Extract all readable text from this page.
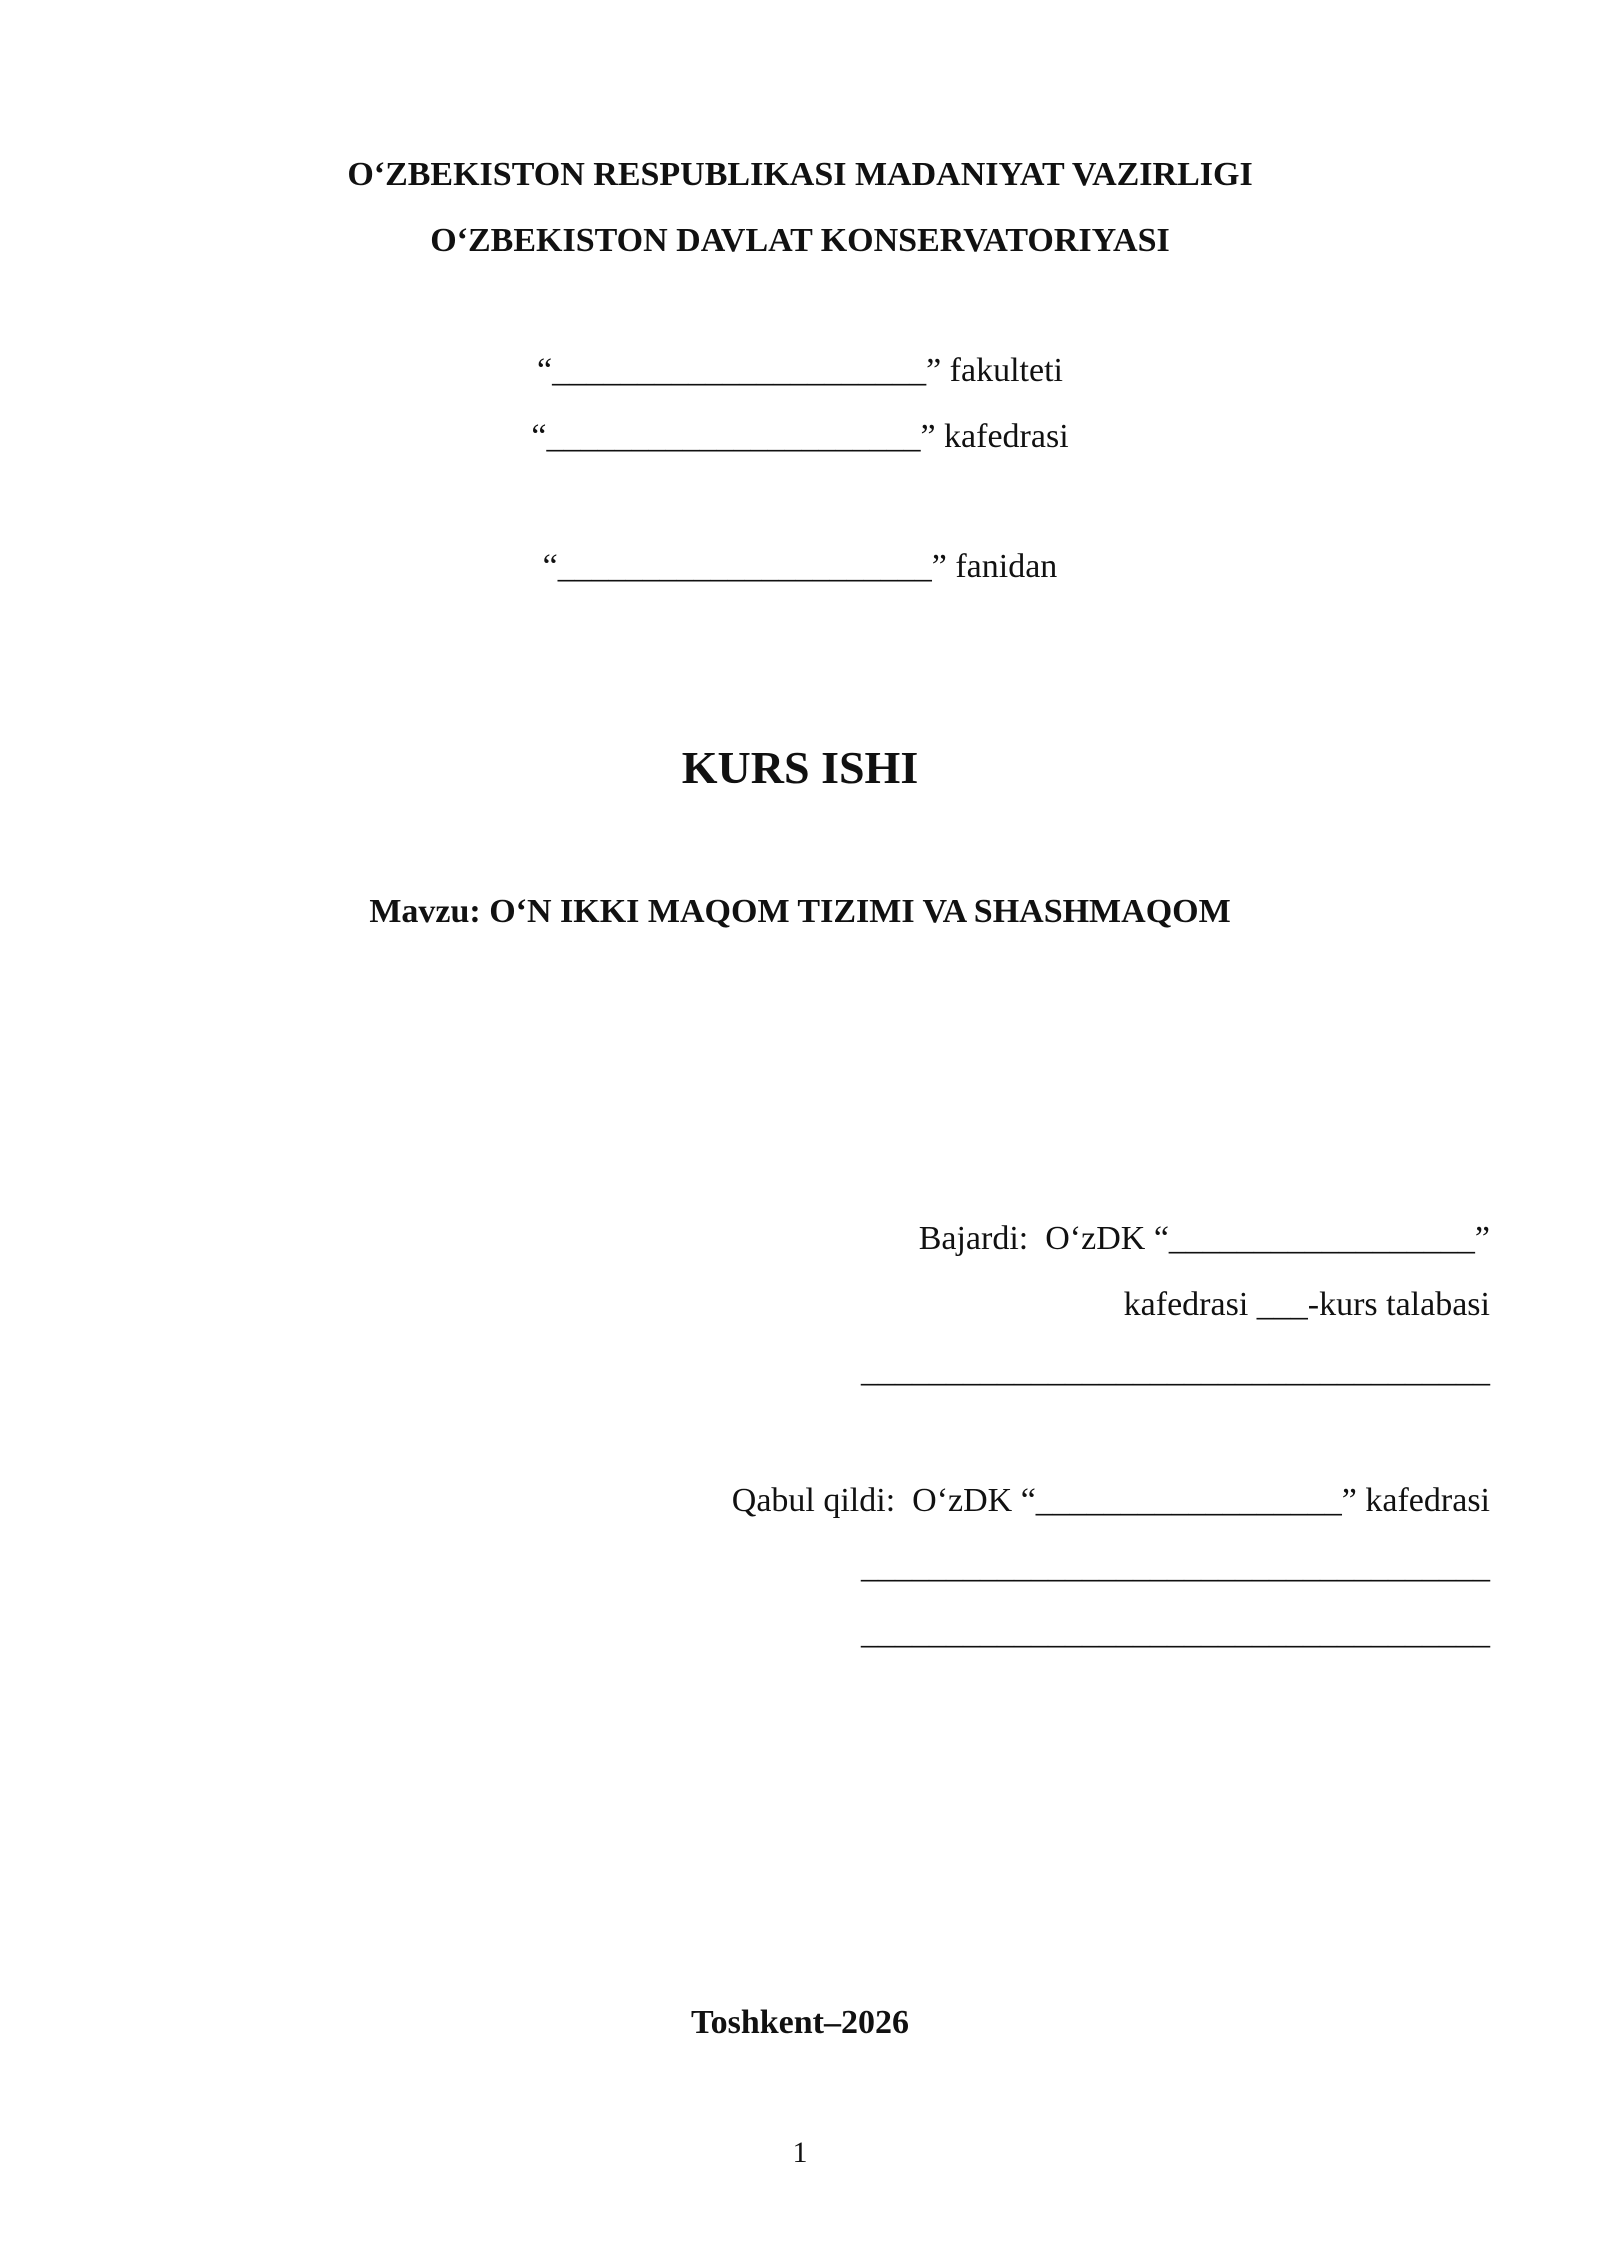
O‘ZBEKISTON RESPUBLIKASI MADANIYAT VAZIRLIGI
O‘ZBEKISTON DAVLAT KONSERVATORIYASI
“______________________” fakulteti
“______________________” kafedrasi
“______________________” fanidan
KURS ISHI
Mavzu: O‘N IKKI MAQOM TIZIMI VA SHASHMAQOM
Bajardi:  O‘zDK “__________________”
kafedrasi ___-kurs talabasi
_____________________________________
Qabul qildi:  O‘zDK “__________________” kafedrasi
_____________________________________
_____________________________________
Toshkent–2026
1
